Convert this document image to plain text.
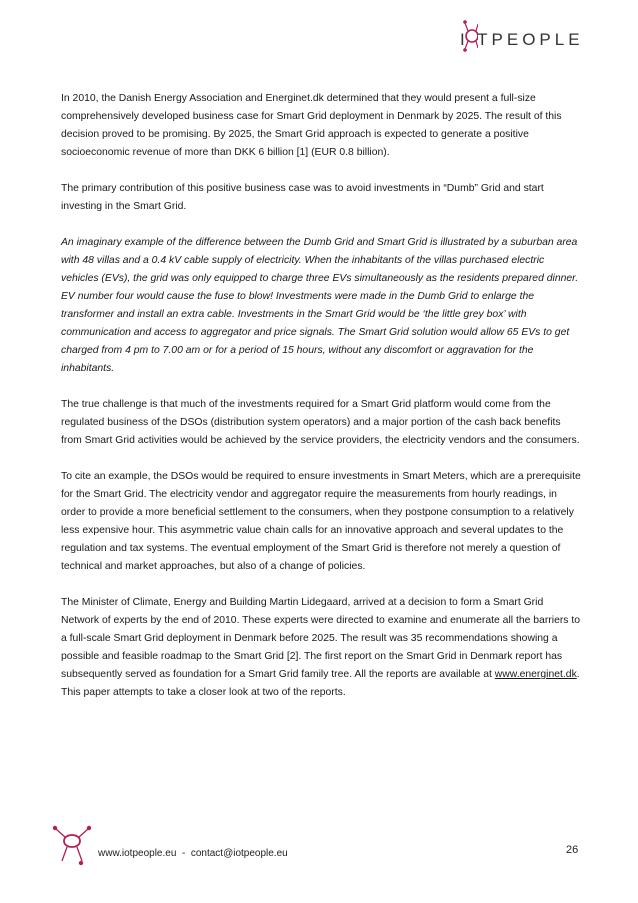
I TPEOPLE

In 2010, the Danish Energy Association and Energinet.dk determined that they would present a full-size comprehensively developed business case for Smart Grid deployment in Denmark by 2025. The result of this decision proved to be promising. By 2025, the Smart Grid approach is expected to generate a positive socioeconomic revenue of more than DKK 6 billion [1] (EUR 0.8 billion).

The primary contribution of this positive business case was to avoid investments in “Dumb” Grid and start investing in the Smart Grid.

An imaginary example of the difference between the Dumb Grid and Smart Grid is illustrated by a suburban area with 48 villas and a 0.4 kV cable supply of electricity. When the inhabitants of the villas purchased electric vehicles (EVs), the grid was only equipped to charge three EVs simultaneously as the residents prepared dinner. EV number four would cause the fuse to blow! Investments were made in the Dumb Grid to enlarge the transformer and install an extra cable. Investments in the Smart Grid would be ‘the little grey box’ with communication and access to aggregator and price signals. The Smart Grid solution would allow 65 EVs to get charged from 4 pm to 7.00 am or for a period of 15 hours, without any discomfort or aggravation for the inhabitants.

The true challenge is that much of the investments required for a Smart Grid platform would come from the regulated business of the DSOs (distribution system operators) and a major portion of the cash back benefits from Smart Grid activities would be achieved by the service providers, the electricity vendors and the consumers.

To cite an example, the DSOs would be required to ensure investments in Smart Meters, which are a prerequisite for the Smart Grid. The electricity vendor and aggregator require the measurements from hourly readings, in order to provide a more beneficial settlement to the consumers, when they postpone consumption to a relatively less expensive hour. This asymmetric value chain calls for an innovative approach and several updates to the regulation and tax systems. The eventual employment of the Smart Grid is therefore not merely a question of technical and market approaches, but also of a change of policies.

The Minister of Climate, Energy and Building Martin Lidegaard, arrived at a decision to form a Smart Grid Network of experts by the end of 2010. These experts were directed to examine and enumerate all the barriers to a full-scale Smart Grid deployment in Denmark before 2025. The result was 35 recommendations showing a possible and feasible roadmap to the Smart Grid [2]. The first report on the Smart Grid in Denmark report has subsequently served as foundation for a Smart Grid family tree. All the reports are available at www.energinet.dk. This paper attempts to take a closer look at two of the reports.

www.iotpeople.eu  -  contact@iotpeople.eu	26
